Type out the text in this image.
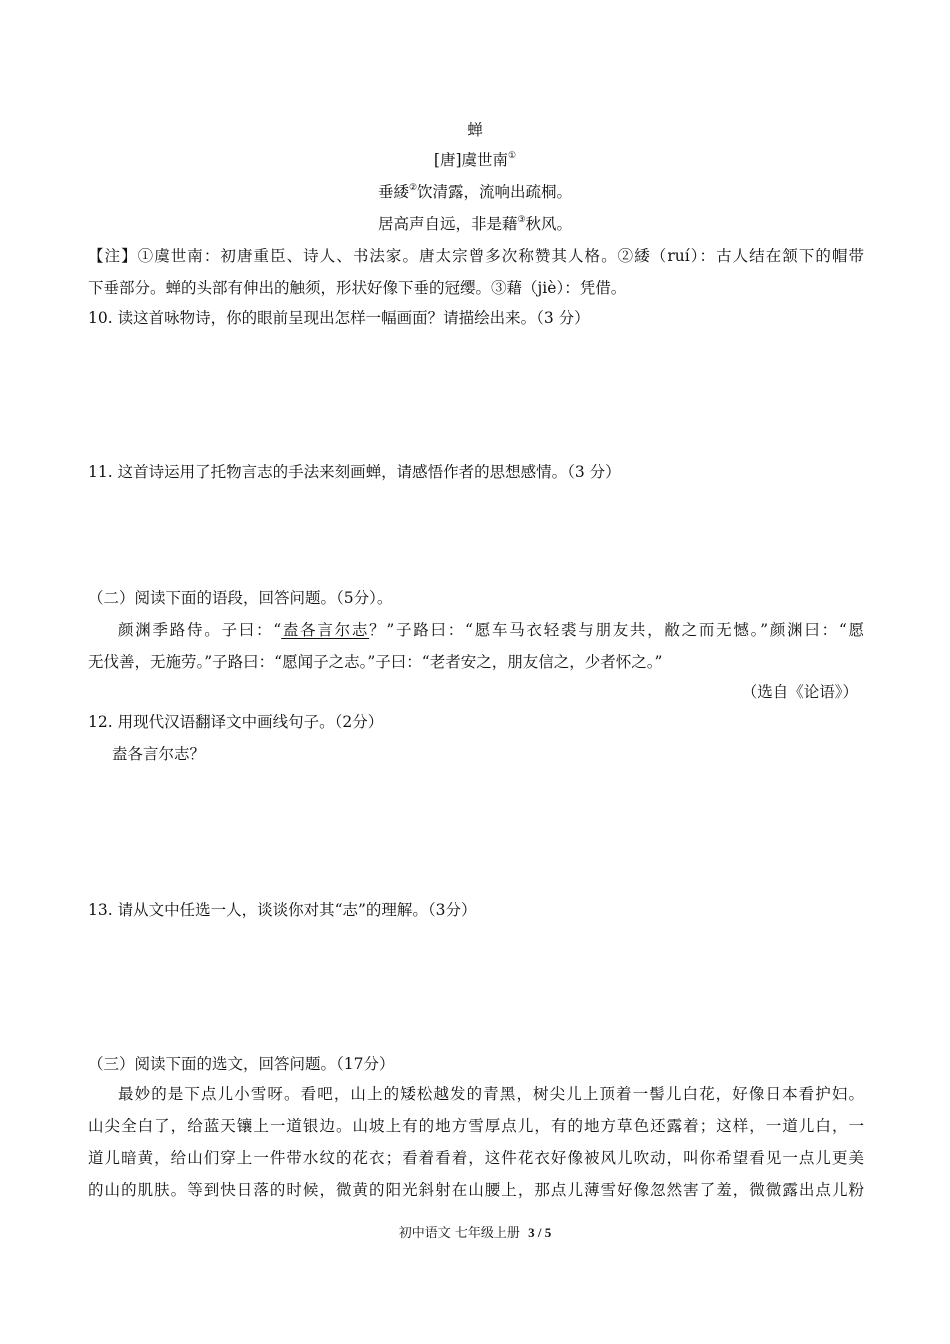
蝉
[唐]虞世南①
垂緌②饮清露，流响出疏桐。
居高声自远，非是藉③秋风。
【注】①虞世南：初唐重臣、诗人、书法家。唐太宗曾多次称赞其人格。②緌（ruí）：古人结在颔下的帽带
下垂部分。蝉的头部有伸出的触须，形状好像下垂的冠缨。③藉（jiè）：凭借。
10. 读这首咏物诗，你的眼前呈现出怎样一幅画面？请描绘出来。（3 分）
11. 这首诗运用了托物言志的手法来刻画蝉，请感悟作者的思想感情。（3 分）
（二）阅读下面的语段，回答问题。（5分）。
颜渊季路侍。子曰：“盍各言尔志？”子路曰：“愿车马衣轻裘与朋友共，敝之而无憾。”颜渊曰：“愿
无伐善，无施劳。”子路曰：“愿闻子之志。”子曰：“老者安之，朋友信之，少者怀之。”
（选自《论语》）
12. 用现代汉语翻译文中画线句子。（2分）
盍各言尔志？
13. 请从文中任选一人，谈谈你对其“志”的理解。（3分）
（三）阅读下面的选文，回答问题。（17分）
最妙的是下点儿小雪呀。看吧，山上的矮松越发的青黑，树尖儿上顶着一髻儿白花，好像日本看护妇。
山尖全白了，给蓝天镶上一道银边。山坡上有的地方雪厚点儿，有的地方草色还露着；这样，一道儿白，一
道儿暗黄，给山们穿上一件带水纹的花衣；看着看着，这件花衣好像被风儿吹动，叫你希望看见一点儿更美
的山的肌肤。等到快日落的时候，微黄的阳光斜射在山腰上，那点儿薄雪好像忽然害了羞，微微露出点儿粉
初中语文 七年级上册 3 / 5
